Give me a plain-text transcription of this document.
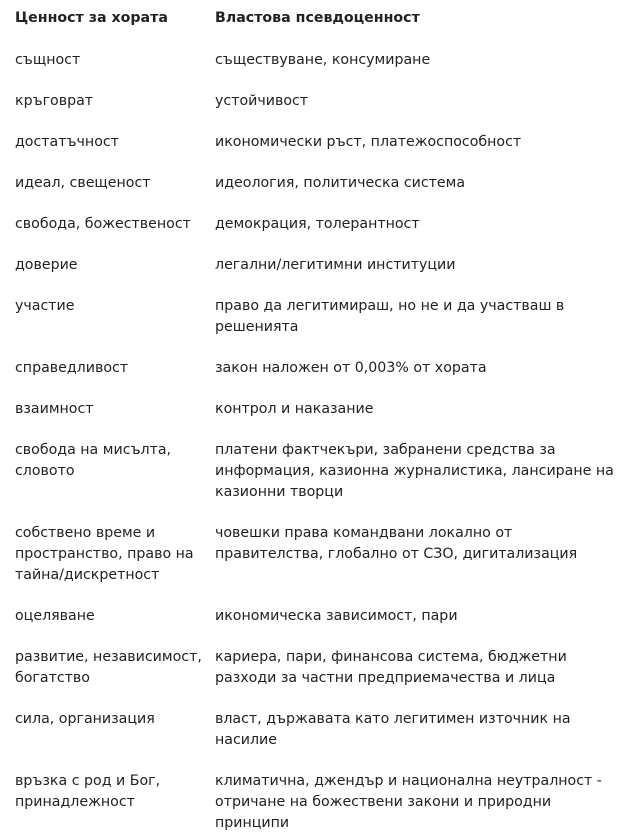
Ценност за хората	Властова псевдоценност
същност	съществуване, консумиране
кръговрат	устойчивост
достатъчност	икономически ръст, платежоспособност
идеал, свещеност	идеология, политическа система
свобода, божественост	демокрация, толерантност
доверие	легални/легитимни институции
участие	право да легитимираш, но не и да участваш в решенията
справедливост	закон наложен от 0,003% от хората
взаимност	контрол и наказание
свобода на мисълта, словото	платени фактчекъри, забранени средства за информация, казионна журналистика, лансиране на казионни творци
собствено време и пространство, право на тайна/дискретност	човешки права командвани локално от правителства, глобално от СЗО, дигитализация
оцеляване	икономическа зависимост, пари
развитие, независимост, богатство	кариера, пари, финансова система, бюджетни разходи за частни предприемачества и лица
сила, организация	власт, държавата като легитимен източник на насилие
връзка с род и Бог, принадлежност	климатична, джендър и национална неутралност - отричане на божествени закони и природни принципи
